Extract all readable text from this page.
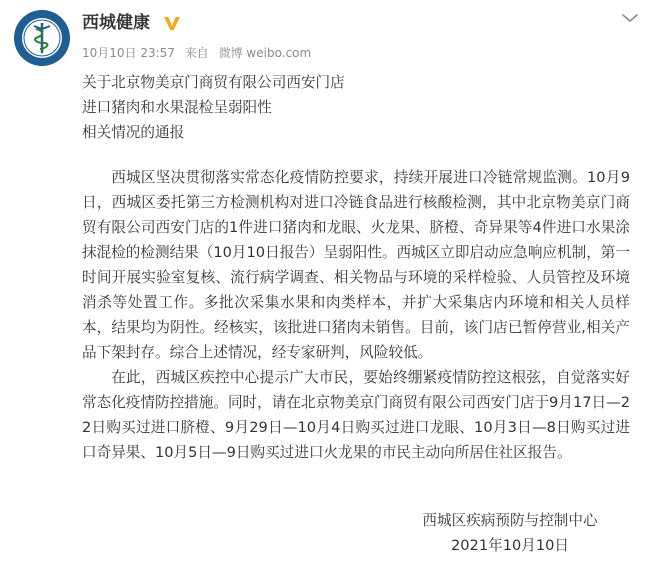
西城健康
10月10日 23:57 来自 微博 weibo.com
关于北京物美京门商贸有限公司西安门店
进口猪肉和水果混检呈弱阳性
相关情况的通报

西城区坚决贯彻落实常态化疫情防控要求，持续开展进口冷链常规监测。10月9日，西城区委托第三方检测机构对进口冷链食品进行核酸检测，其中北京物美京门商贸有限公司西安门店的1件进口猪肉和龙眼、火龙果、脐橙、奇异果等4件进口水果涂抹混检的检测结果（10月10日报告）呈弱阳性。西城区立即启动应急响应机制，第一时间开展实验室复核、流行病学调查、相关物品与环境的采样检验、人员管控及环境消杀等处置工作。多批次采集水果和肉类样本，并扩大采集店内环境和相关人员样本，结果均为阴性。经核实，该批进口猪肉未销售。目前，该门店已暂停营业,相关产品下架封存。综合上述情况，经专家研判，风险较低。

在此，西城区疾控中心提示广大市民，要始终绷紧疫情防控这根弦，自觉落实好常态化疫情防控措施。同时，请在北京物美京门商贸有限公司西安门店于9月17日—22日购买过进口脐橙、9月29日—10月4日购买过进口龙眼、10月3日—8日购买过进口奇异果、10月5日—9日购买过进口火龙果的市民主动向所居住社区报告。

西城区疾病预防与控制中心
2021年10月10日
